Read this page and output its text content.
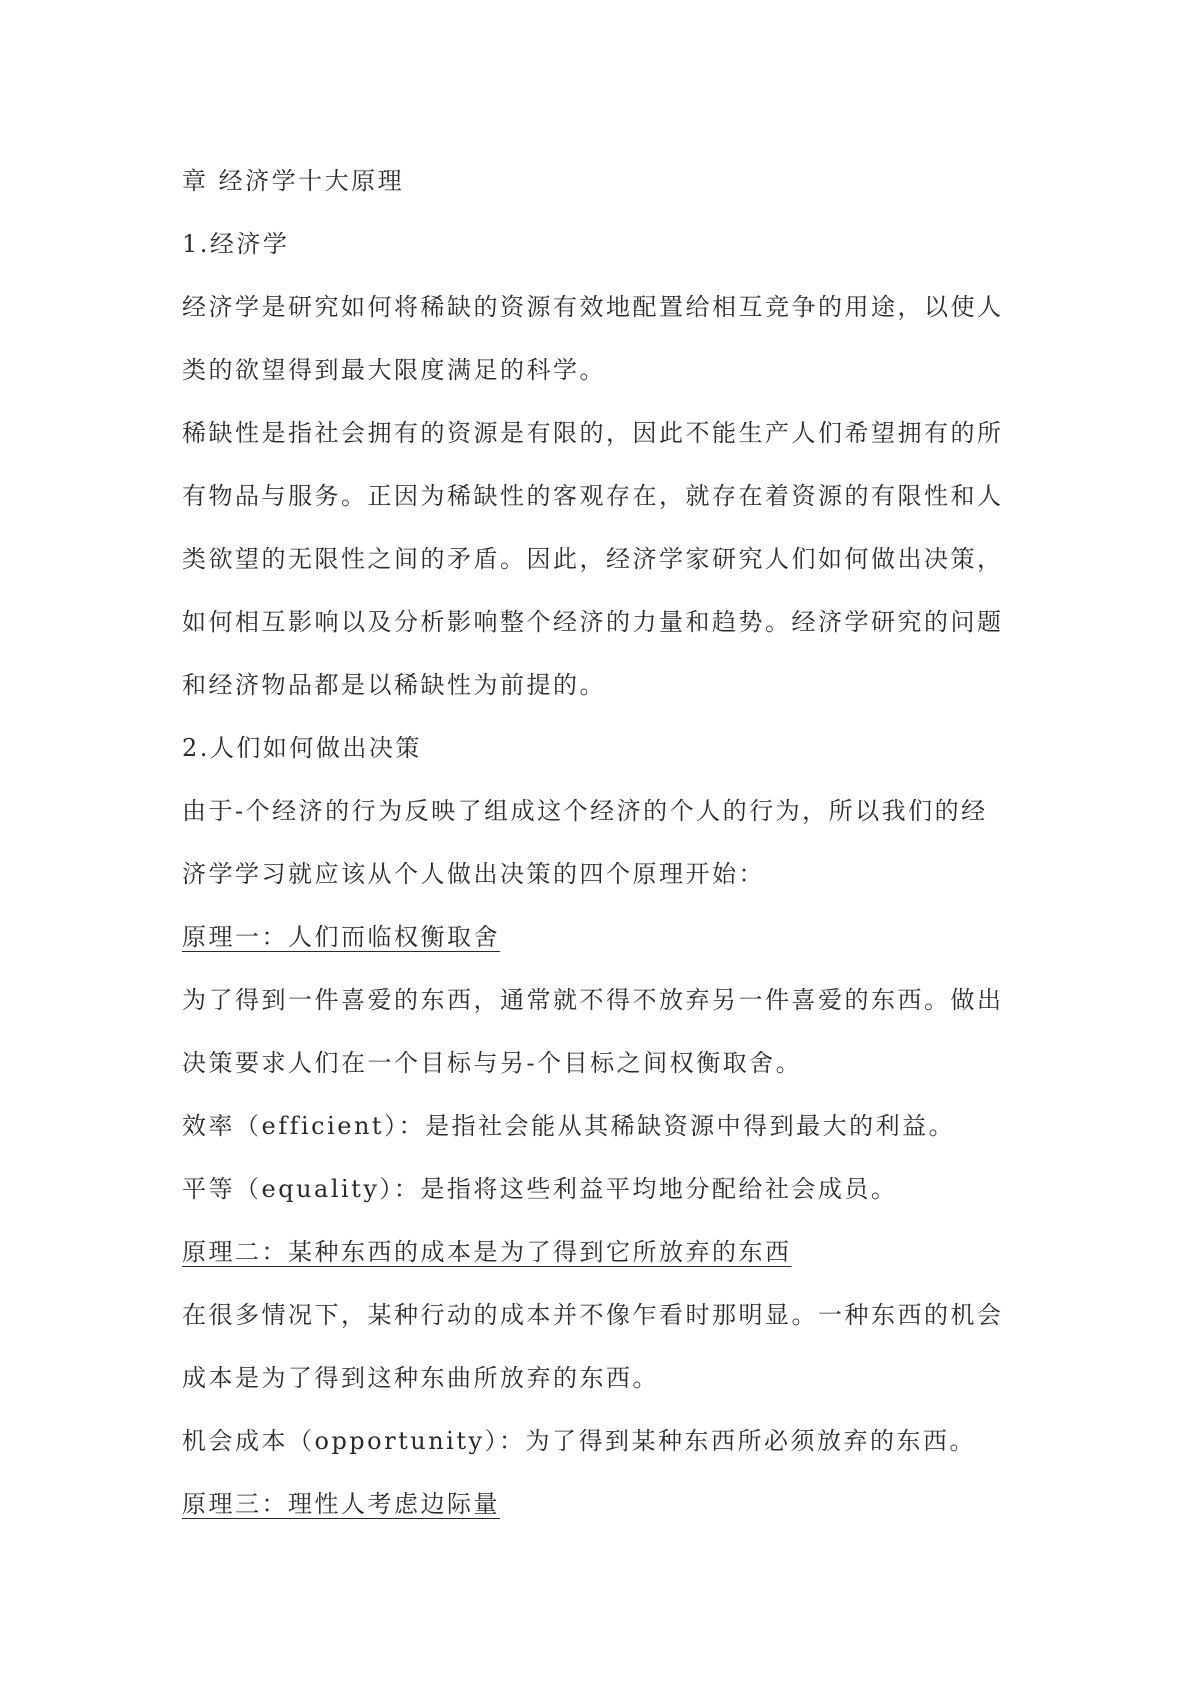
章 经济学十大原理
1.经济学
经济学是研究如何将稀缺的资源有效地配置给相互竞争的用途，以使人
类的欲望得到最大限度满足的科学。
稀缺性是指社会拥有的资源是有限的，因此不能生产人们希望拥有的所
有物品与服务。正因为稀缺性的客观存在，就存在着资源的有限性和人
类欲望的无限性之间的矛盾。因此，经济学家研究人们如何做出决策，
如何相互影响以及分析影响整个经济的力量和趋势。经济学研究的问题
和经济物品都是以稀缺性为前提的。
2.人们如何做出决策
由于-个经济的行为反映了组成这个经济的个人的行为，所以我们的经
济学学习就应该从个人做出决策的四个原理开始：
原理一：人们而临权衡取舍
为了得到一件喜爱的东西，通常就不得不放弃另一件喜爱的东西。做出
决策要求人们在一个目标与另-个目标之间权衡取舍。
效率（efficient）：是指社会能从其稀缺资源中得到最大的利益。
平等（equality）：是指将这些利益平均地分配给社会成员。
原理二：某种东西的成本是为了得到它所放弃的东西
在很多情况下，某种行动的成本并不像乍看时那明显。一种东西的机会
成本是为了得到这种东曲所放弃的东西。
机会成本（opportunity）：为了得到某种东西所必须放弃的东西。
原理三：理性人考虑边际量
